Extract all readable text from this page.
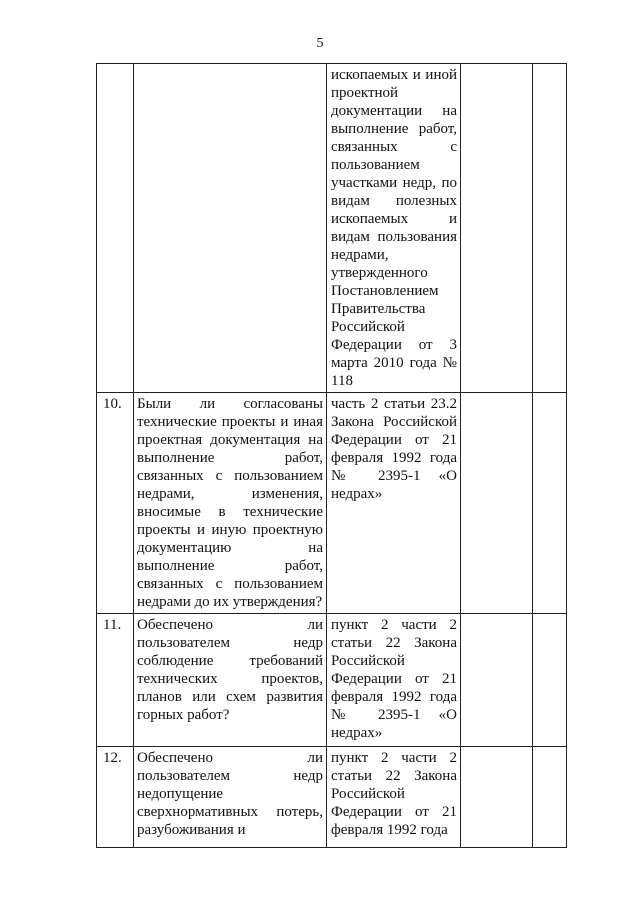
5
		ископаемых и иной проектной документации на выполнение работ, связанных с пользованием участками недр, по видам полезных ископаемых и видам пользования недрами, утвержденного Постановлением Правительства Российской Федерации от 3 марта 2010 года № 118		
10.	Были ли согласованы технические проекты и иная проектная документация на выполнение работ, связанных с пользованием недрами, изменения, вносимые в технические проекты и иную проектную документацию на выполнение работ, связанных с пользованием недрами до их утверждения?	часть 2 статьи 23.2 Закона Российской Федерации от 21 февраля 1992 года № 2395-1 «О недрах»		
11.	Обеспечено ли пользователем недр соблюдение требований технических проектов, планов или схем развития горных работ?	пункт 2 части 2 статьи 22 Закона Российской Федерации от 21 февраля 1992 года № 2395-1 «О недрах»		
12.	Обеспечено ли пользователем недр недопущение сверхнормативных потерь, разубоживания и	пункт 2 части 2 статьи 22 Закона Российской Федерации от 21 февраля 1992 года		
